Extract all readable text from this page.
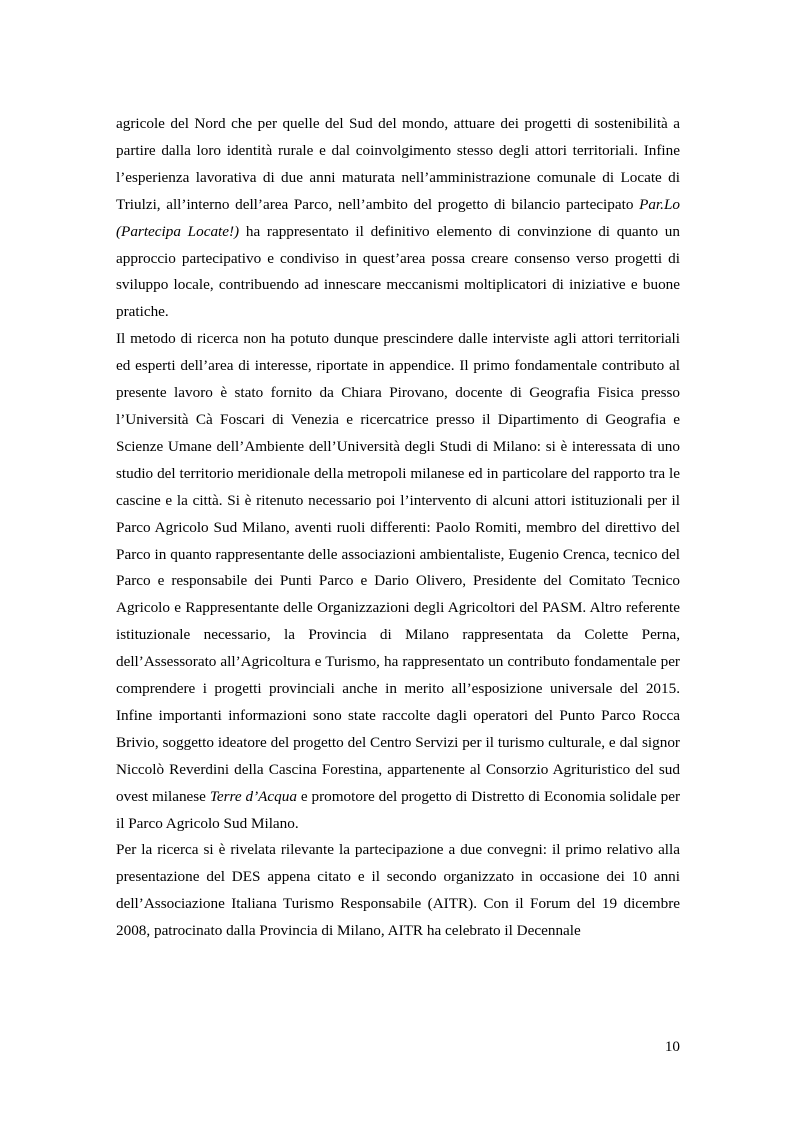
agricole del Nord che per quelle del Sud del mondo, attuare dei progetti di sostenibilità a partire dalla loro identità rurale e dal coinvolgimento stesso degli attori territoriali. Infine l’esperienza lavorativa di due anni maturata nell’amministrazione comunale di Locate di Triulzi, all’interno dell’area Parco, nell’ambito del progetto di bilancio partecipato Par.Lo (Partecipa Locate!) ha rappresentato il definitivo elemento di convinzione di quanto un approccio partecipativo e condiviso in quest’area possa creare consenso verso progetti di sviluppo locale, contribuendo ad innescare meccanismi moltiplicatori di iniziative e buone pratiche.

Il metodo di ricerca non ha potuto dunque prescindere dalle interviste agli attori territoriali ed esperti dell’area di interesse, riportate in appendice. Il primo fondamentale contributo al presente lavoro è stato fornito da Chiara Pirovano, docente di Geografia Fisica presso l’Università Cà Foscari di Venezia e ricercatrice presso il Dipartimento di Geografia e Scienze Umane dell’Ambiente dell’Università degli Studi di Milano: si è interessata di uno studio del territorio meridionale della metropoli milanese ed in particolare del rapporto tra le cascine e la città. Si è ritenuto necessario poi l’intervento di alcuni attori istituzionali per il Parco Agricolo Sud Milano, aventi ruoli differenti: Paolo Romiti, membro del direttivo del Parco in quanto rappresentante delle associazioni ambientaliste, Eugenio Crenca, tecnico del Parco e responsabile dei Punti Parco e Dario Olivero, Presidente del Comitato Tecnico Agricolo e Rappresentante delle Organizzazioni degli Agricoltori del PASM. Altro referente istituzionale necessario, la Provincia di Milano rappresentata da Colette Perna, dell’Assessorato all’Agricoltura e Turismo, ha rappresentato un contributo fondamentale per comprendere i progetti provinciali anche in merito all’esposizione universale del 2015. Infine importanti informazioni sono state raccolte dagli operatori del Punto Parco Rocca Brivio, soggetto ideatore del progetto del Centro Servizi per il turismo culturale, e dal signor Niccolò Reverdini della Cascina Forestina, appartenente al Consorzio Agrituristico del sud ovest milanese Terre d’Acqua e promotore del progetto di Distretto di Economia solidale per il Parco Agricolo Sud Milano.

Per la ricerca si è rivelata rilevante la partecipazione a due convegni: il primo relativo alla presentazione del DES appena citato e il secondo organizzato in occasione dei 10 anni dell’Associazione Italiana Turismo Responsabile (AITR). Con il Forum del 19 dicembre 2008, patrocinato dalla Provincia di Milano, AITR ha celebrato il Decennale

10
